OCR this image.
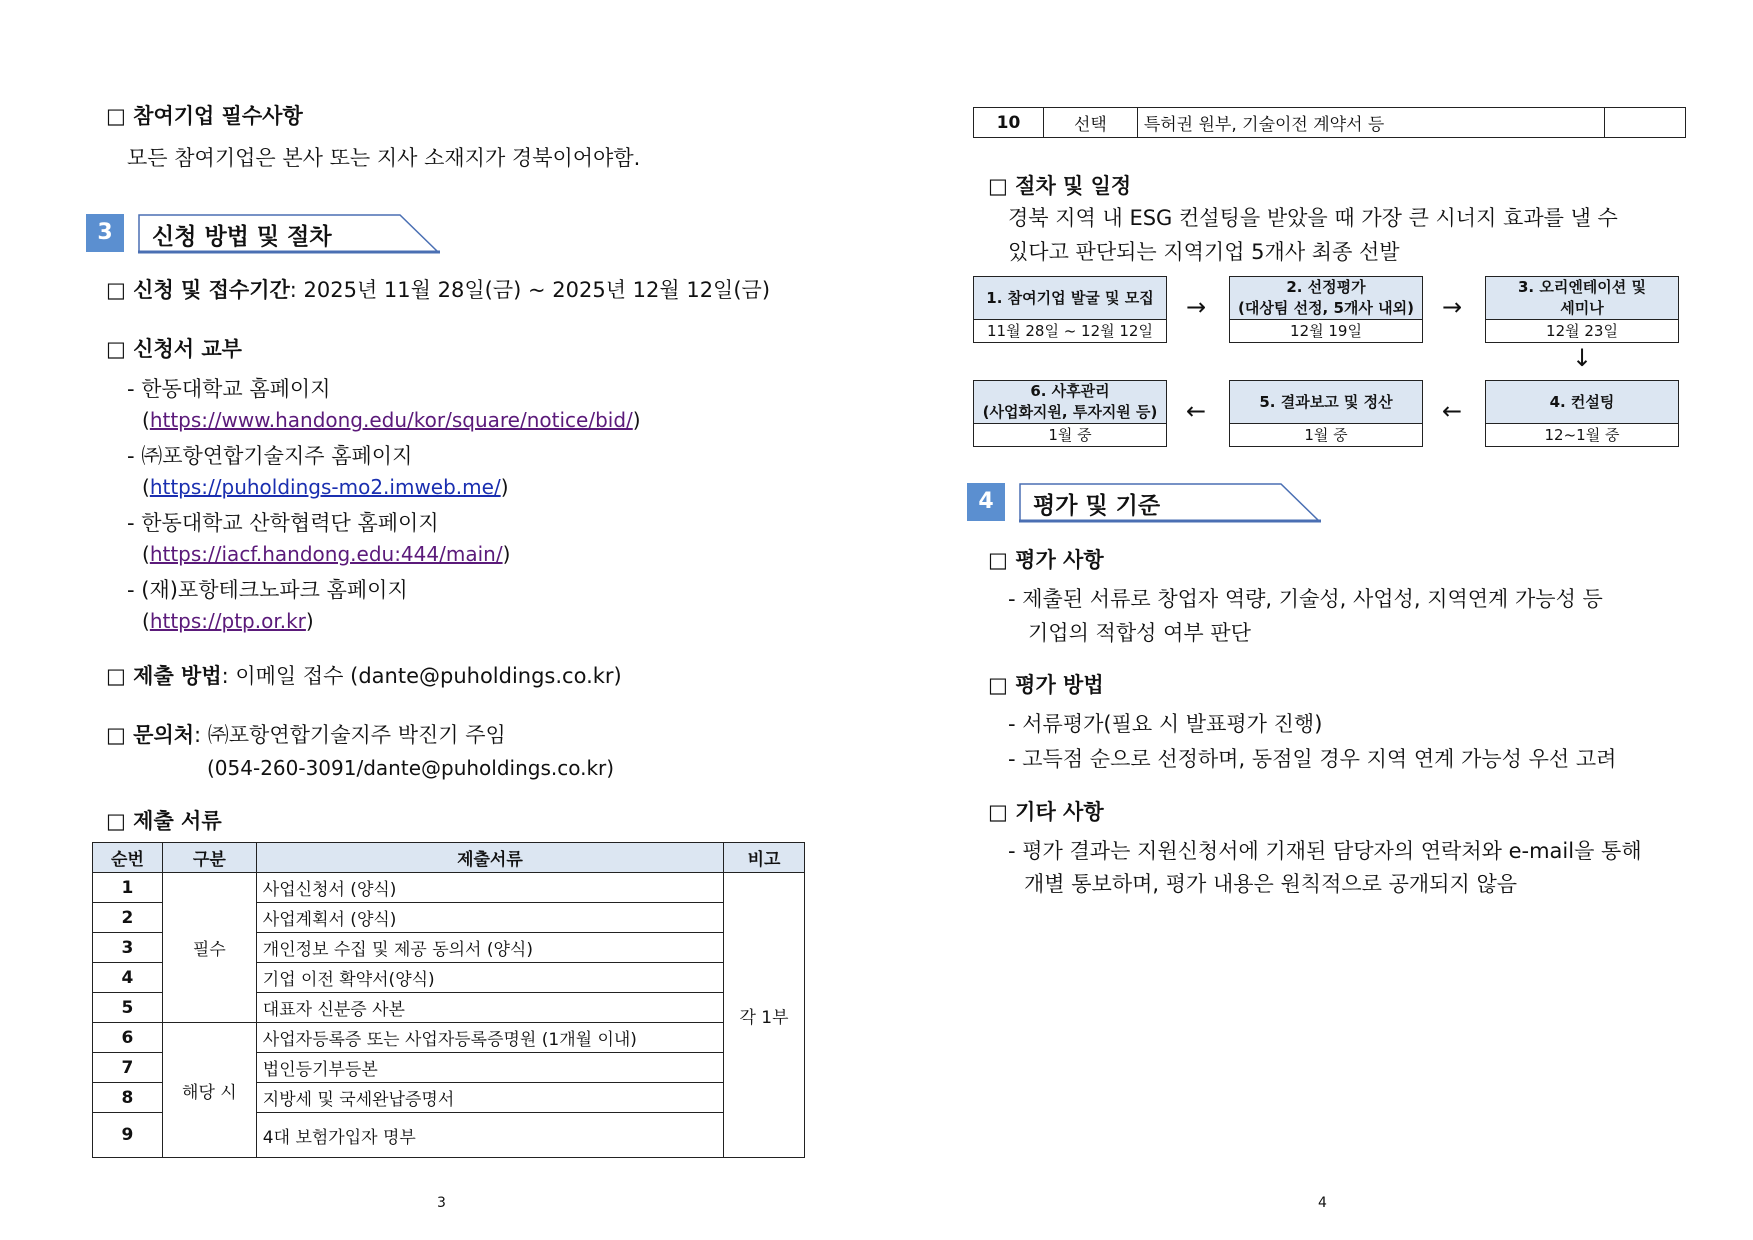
□ 참여기업 필수사항
모든 참여기업은 본사 또는 지사 소재지가 경북이어야함.
3	신청 방법 및 절차
□ 신청 및 접수기간: 2025년 11월 28일(금) ~ 2025년 12월 12일(금)
□ 신청서 교부
- 한동대학교 홈페이지
(https://www.handong.edu/kor/square/notice/bid/)
- ㈜포항연합기술지주 홈페이지
(https://puholdings-mo2.imweb.me/)
- 한동대학교 산학협력단 홈페이지
(https://iacf.handong.edu:444/main/)
- (재)포항테크노파크 홈페이지
(https://ptp.or.kr)
□ 제출 방법: 이메일 접수 (dante@puholdings.co.kr)
□ 문의처: ㈜포항연합기술지주 박진기 주임
(054-260-3091/dante@puholdings.co.kr)
□ 제출 서류
순번	구분	제출서류	비고
1	필수	사업신청서 (양식)	각 1부
2		사업계획서 (양식)	
3		개인정보 수집 및 제공 동의서 (양식)	
4		기업 이전 확약서(양식)	
5		대표자 신분증 사본	
6	해당 시	사업자등록증 또는 사업자등록증명원 (1개월 이내)	
7		법인등기부등본	
8		지방세 및 국세완납증명서	
9		4대 보험가입자 명부	
3
10	선택	특허권 원부, 기술이전 계약서 등	
□ 절차 및 일정
경북 지역 내 ESG 컨설팅을 받았을 때 가장 큰 시너지 효과를 낼 수
있다고 판단되는 지역기업 5개사 최종 선발
1. 참여기업 발굴 및 모집
11월 28일 ~ 12월 12일
→
2. 선정평가
(대상팀 선정, 5개사 내외)
12월 19일
→
3. 오리엔테이션 및
세미나
12월 23일
↓
6. 사후관리
(사업화지원, 투자지원 등)
1월 중
←	5. 결과보고 및 정산
1월 중
←	4. 컨설팅
12~1월 중
4	평가 및 기준
□ 평가 사항
- 제출된 서류로 창업자 역량, 기술성, 사업성, 지역연계 가능성 등
기업의 적합성 여부 판단
□ 평가 방법
- 서류평가(필요 시 발표평가 진행)
- 고득점 순으로 선정하며, 동점일 경우 지역 연계 가능성 우선 고려
□ 기타 사항
- 평가 결과는 지원신청서에 기재된 담당자의 연락처와 e-mail을 통해
개별 통보하며, 평가 내용은 원칙적으로 공개되지 않음
4
